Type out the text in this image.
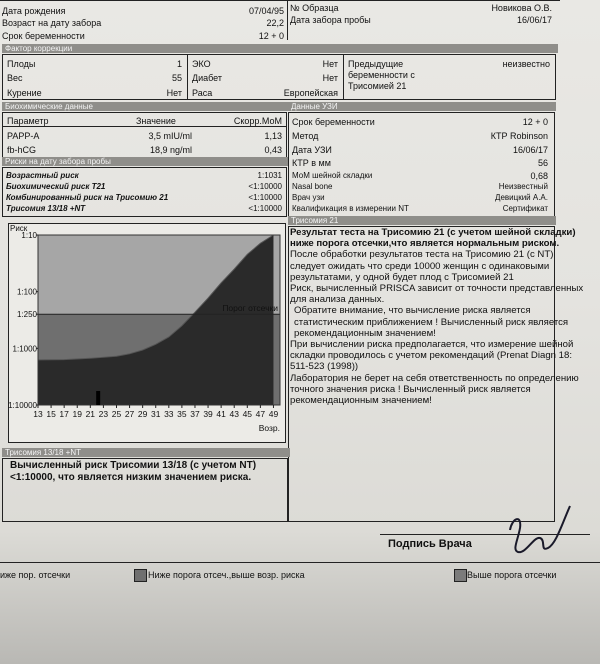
Дата рождения	07/04/95
Возраст на дату забора	22,2
Срок беременности	12 + 0
№ Образца	Новикова О.В.
Дата забора пробы	16/06/17
Фактор коррекции
Плоды	1
Вес	55
Курение	Нет
ЭКО	Нет
Диабет	Нет
Раса	Европейская
Предыдущие
беременности с
Трисомией 21
неизвестно
Биохимические данные
Параметр	Значение	Скорр.МоМ
PAPP-A	3,5 mIU/ml	1,13
fb-hCG	18,9 ng/ml	0,43
Риски на дату забора пробы
Возрастный риск	1:1031
Биохимический риск T21	<1:10000
Комбинированный риск на Трисомию 21	<1:10000
Трисомия 13/18 +NT	<1:10000
Данные УЗИ
Срок беременности	12 + 0
Метод	КТР Robinson
Дата УЗИ	16/06/17
КТР в мм	56
МоМ шейной складки	0,68
Nasal bone	Неизвестный
Врач узи	Девицкий А.А.
Квалификация в измерении NT	Сертификат
Порог отсечки
1:10
1:100
1:250
1:1000
1:10000
Риск
13 15 17 19 21 23 25 27 29 31 33 35 37 39 41 43 45 47 49
Возр.
Трисомия 21

Результат теста на Трисомию 21 (с учетом шейной складки) ниже порога отсечки,что является нормальным риском.

После обработки результатов теста на Трисомию 21 (с NT) следует ожидать что среди 10000 женщин с одинаковыми результатами, у одной будет плод с Трисомией 21

Риск, вычисленный PRISCA зависит от точности представленных для анализа данных.

Обратите внимание, что вычисление риска является статистическим приближением ! Вычисленный риск является рекомендационным значением!

При вычислении риска предполагается, что измерение шейной складки проводилось с учетом рекомендаций (Prenat Diagn 18: 511-523 (1998))

Лаборатория не берет на себя ответственность по определению точного значения риска ! Вычисленный риск является рекомендационным значением!

Трисомия 13/18 +NT
Вычисленный риск Трисомии 13/18 (с учетом NT) <1:10000, что является низким значением риска.
Подпись Врача
иже пор. отсечки	Ниже порога отсеч.,выше возр. риска	Выше порога отсечки
